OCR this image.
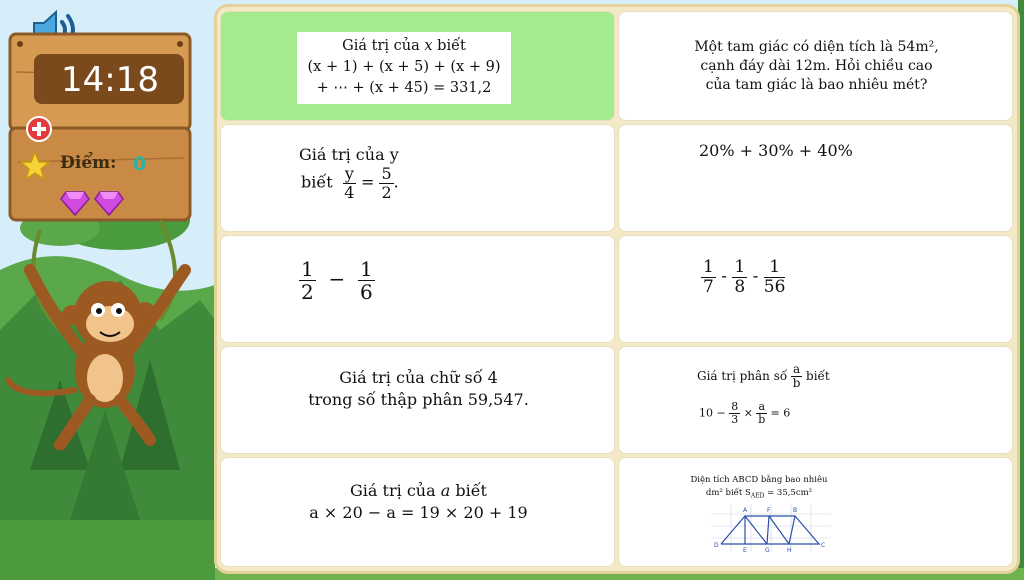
14:18
Điểm: 0
Giá trị của x biết
(x + 1) + (x + 5) + (x + 9)
+ ⋯ + (x + 45) = 331,2
Một tam giác có diện tích là 54m²,
cạnh đáy dài 12m. Hỏi chiều cao
của tam giác là bao nhiêu mét?
Giá trị của y
biết $\frac{y}{4} = \frac{5}{2}$ .
20% + 30% + 40%
$\frac{1}{2} - \frac{1}{6}$	$\frac{1}{7} - \frac{1}{8} - \frac{1}{56}$
Giá trị của chữ số 4
trong số thập phân 59,547.
Giá trị phân số $\frac{a}{b}$ biết
$10 - \frac{8}{3} \times \frac{a}{b} = 6$
Giá trị của a biết
a × 20 − a = 19 × 20 + 19
Diện tích ABCD bằng bao nhiêu
dm² biết $S_{AED} = 35,5cm^2$
A	F	B
D
E	G	H
C
